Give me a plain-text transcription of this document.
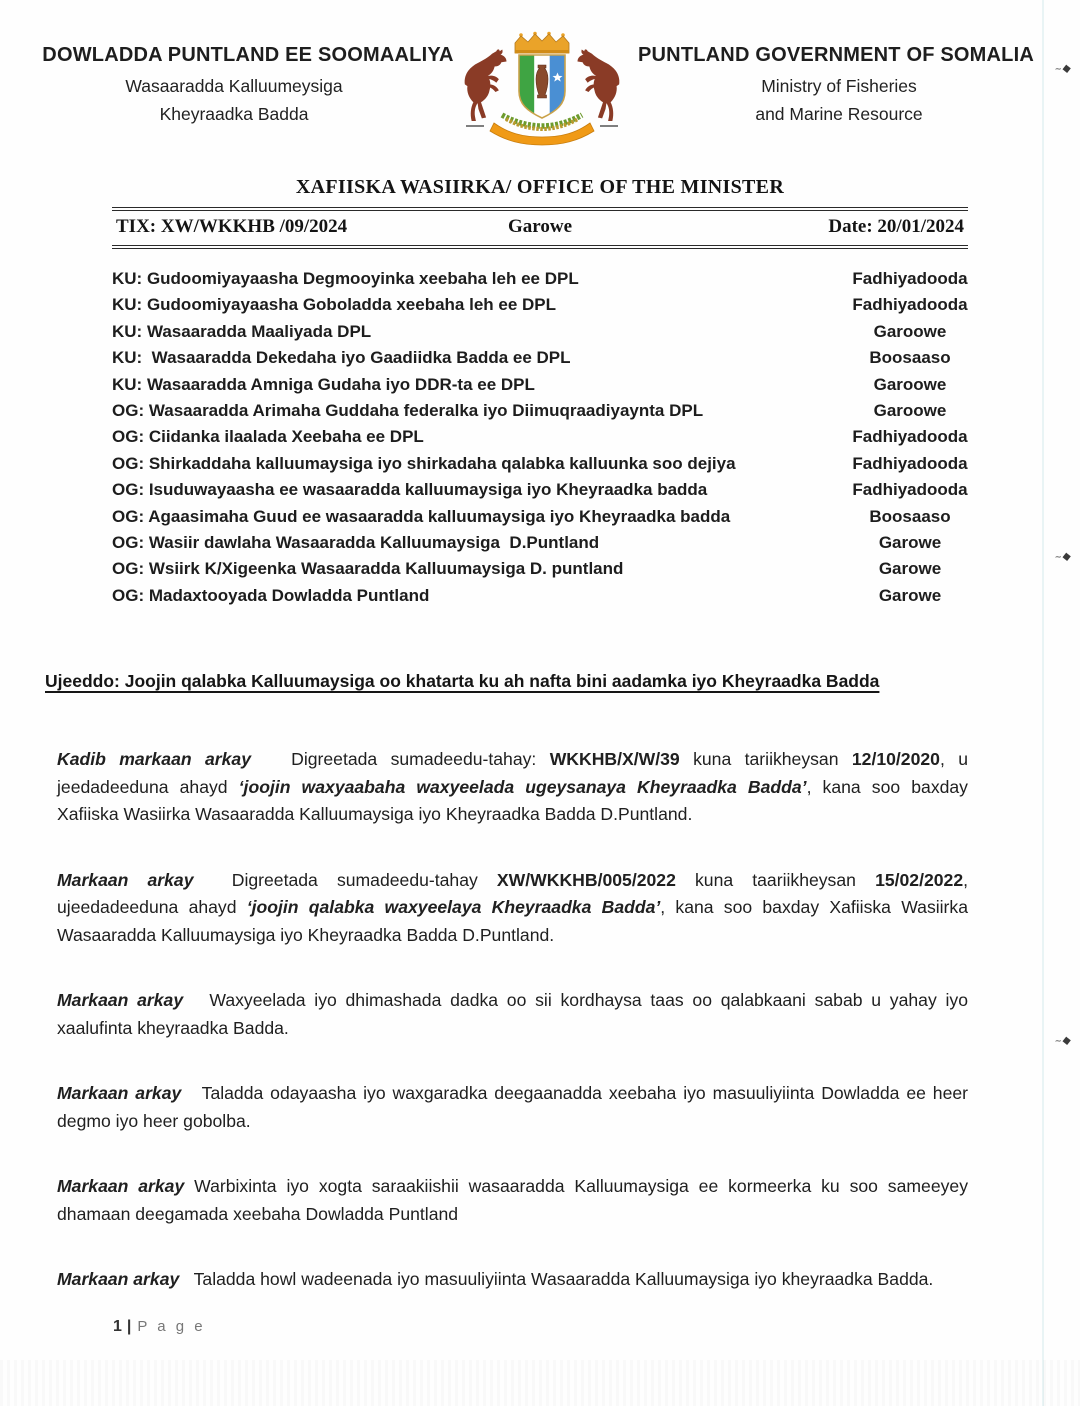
~◆
~◆
~◆
DOWLADDA PUNTLAND EE SOOMAALIYA
Wasaaradda Kalluumeysiga
Kheyraadka Badda
PUNTLAND GOVERNMENT OF SOMALIA
Ministry of Fisheries
and Marine Resource
XAFIISKA WASIIRKA/ OFFICE OF THE MINISTER
TIX: XW/WKKHB /09/2024	Garowe	Date: 20/01/2024
KU: Gudoomiyayaasha Degmooyinka xeebaha leh ee DPL	Fadhiyadooda
KU: Gudoomiyayaasha Goboladda xeebaha leh ee DPL	Fadhiyadooda
KU: Wasaaradda Maaliyada DPL	Garoowe
KU:  Wasaaradda Dekedaha iyo Gaadiidka Badda ee DPL	Boosaaso
KU: Wasaaradda Amniga Gudaha iyo DDR-ta ee DPL	Garoowe
OG: Wasaaradda Arimaha Guddaha federalka iyo Diimuqraadiyaynta DPL	Garoowe
OG: Ciidanka ilaalada Xeebaha ee DPL	Fadhiyadooda
OG: Shirkaddaha kalluumaysiga iyo shirkadaha qalabka kalluunka soo dejiya	Fadhiyadooda
OG: Isuduwayaasha ee wasaaradda kalluumaysiga iyo Kheyraadka badda	Fadhiyadooda
OG: Agaasimaha Guud ee wasaaradda kalluumaysiga iyo Kheyraadka badda	Boosaaso
OG: Wasiir dawlaha Wasaaradda Kalluumaysiga  D.Puntland	Garowe
OG: Wsiirk K/Xigeenka Wasaaradda Kalluumaysiga D. puntland	Garowe
OG: Madaxtooyada Dowladda Puntland	Garowe
Ujeeddo: Joojin qalabka Kalluumaysiga oo khatarta ku ah nafta bini aadamka iyo Kheyraadka Badda

Kadib markaan arkay   Digreetada sumadeedu-tahay: WKKHB/X/W/39 kuna tariikheysan 12/10/2020, u jeedadeeduna ahayd ‘joojin waxyaabaha waxyeelada ugeysanaya Kheyraadka Badda’, kana soo baxday Xafiiska Wasiirka Wasaaradda Kalluumaysiga iyo Kheyraadka Badda D.Puntland.

Markaan arkay  Digreetada sumadeedu-tahay XW/WKKHB/005/2022 kuna taariikheysan 15/02/2022, ujeedadeeduna ahayd ‘joojin qalabka waxyeelaya Kheyraadka Badda’, kana soo baxday Xafiiska Wasiirka Wasaaradda Kalluumaysiga iyo Kheyraadka Badda D.Puntland.

Markaan arkay   Waxyeelada iyo dhimashada dadka oo sii kordhaysa taas oo qalabkaani sabab u yahay iyo xaalufinta kheyraadka Badda.

Markaan arkay   Taladda odayaasha iyo waxgaradka deegaanadda xeebaha iyo masuuliyiinta Dowladda ee heer degmo iyo heer gobolba.

Markaan arkay Warbixinta iyo xogta saraakiishii wasaaradda Kalluumaysiga ee kormeerka ku soo sameeyey dhamaan deegamada xeebaha Dowladda Puntland

Markaan arkay   Taladda howl wadeenada iyo masuuliyiinta Wasaaradda Kalluumaysiga iyo kheyraadka Badda.

1 | P a g e
